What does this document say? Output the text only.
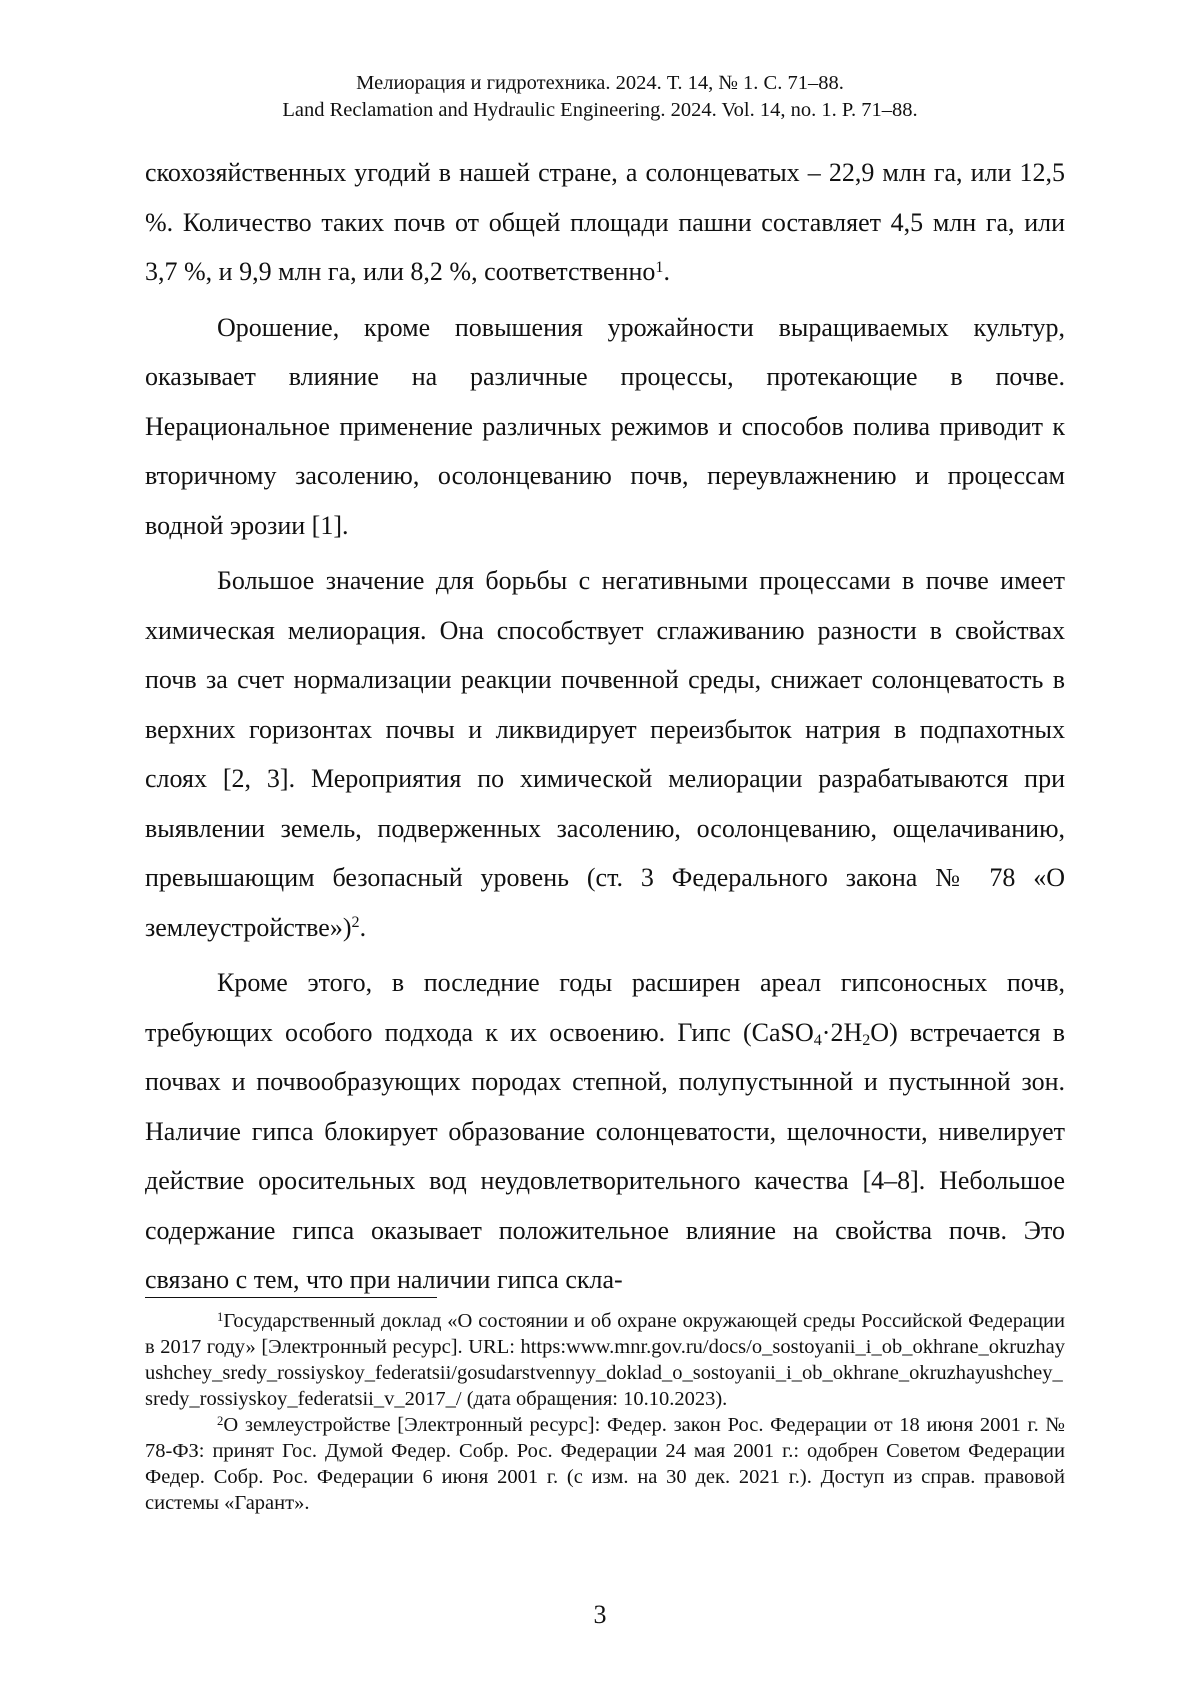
Мелиорация и гидротехника. 2024. Т. 14, № 1. С. 71–88.
Land Reclamation and Hydraulic Engineering. 2024. Vol. 14, no. 1. P. 71–88.

скохозяйственных угодий в нашей стране, а солонцеватых – 22,9 млн га, или 12,5 %. Количество таких почв от общей площади пашни составляет 4,5 млн га, или 3,7 %, и 9,9 млн га, или 8,2 %, соответственно$^1$.

Орошение, кроме повышения урожайности выращиваемых культур, оказывает влияние на различные процессы, протекающие в почве. Нерациональное применение различных режимов и способов полива приводит к вторичному засолению, осолонцеванию почв, переувлажнению и процессам водной эрозии [1].

Большое значение для борьбы с негативными процессами в почве имеет химическая мелиорация. Она способствует сглаживанию разности в свойствах почв за счет нормализации реакции почвенной среды, снижает солонцеватость в верхних горизонтах почвы и ликвидирует переизбыток натрия в подпахотных слоях [2, 3]. Мероприятия по химической мелиорации разрабатываются при выявлении земель, подверженных засолению, осолонцеванию, ощелачиванию, превышающим безопасный уровень (ст. 3 Федерального закона № 78 «О землеустройстве»)$^2$.

Кроме этого, в последние годы расширен ареал гипсоносных почв, требующих особого подхода к их освоению. Гипс $(CaSO_4\cdot 2H_2O)$ встречается в почвах и почвообразующих породах степной, полупустынной и пустынной зон. Наличие гипса блокирует образование солонцеватости, щелочности, нивелирует действие оросительных вод неудовлетворительного качества [4–8]. Небольшое содержание гипса оказывает положительное влияние на свойства почв. Это связано с тем, что при наличии гипса скла-

$^1$Государственный доклад «О состоянии и об охране окружающей среды Российской Федерации в 2017 году» [Электронный ресурс]. URL: https:www.mnr.gov.ru/docs/o_sostoyanii_i_ob_okhrane_okruzhayushchey_sredy_rossiyskoy_federatsii/gosudarstvennyy_doklad_o_sostoyanii_i_ob_okhrane_okruzhayushchey_sredy_rossiyskoy_federatsii_v_2017_/ (дата обращения: 10.10.2023).

$^2$О землеустройстве [Электронный ресурс]: Федер. закон Рос. Федерации от 18 июня 2001 г. № 78-ФЗ: принят Гос. Думой Федер. Собр. Рос. Федерации 24 мая 2001 г.: одобрен Советом Федерации Федер. Собр. Рос. Федерации 6 июня 2001 г. (с изм. на 30 дек. 2021 г.). Доступ из справ. правовой системы «Гарант».

3
